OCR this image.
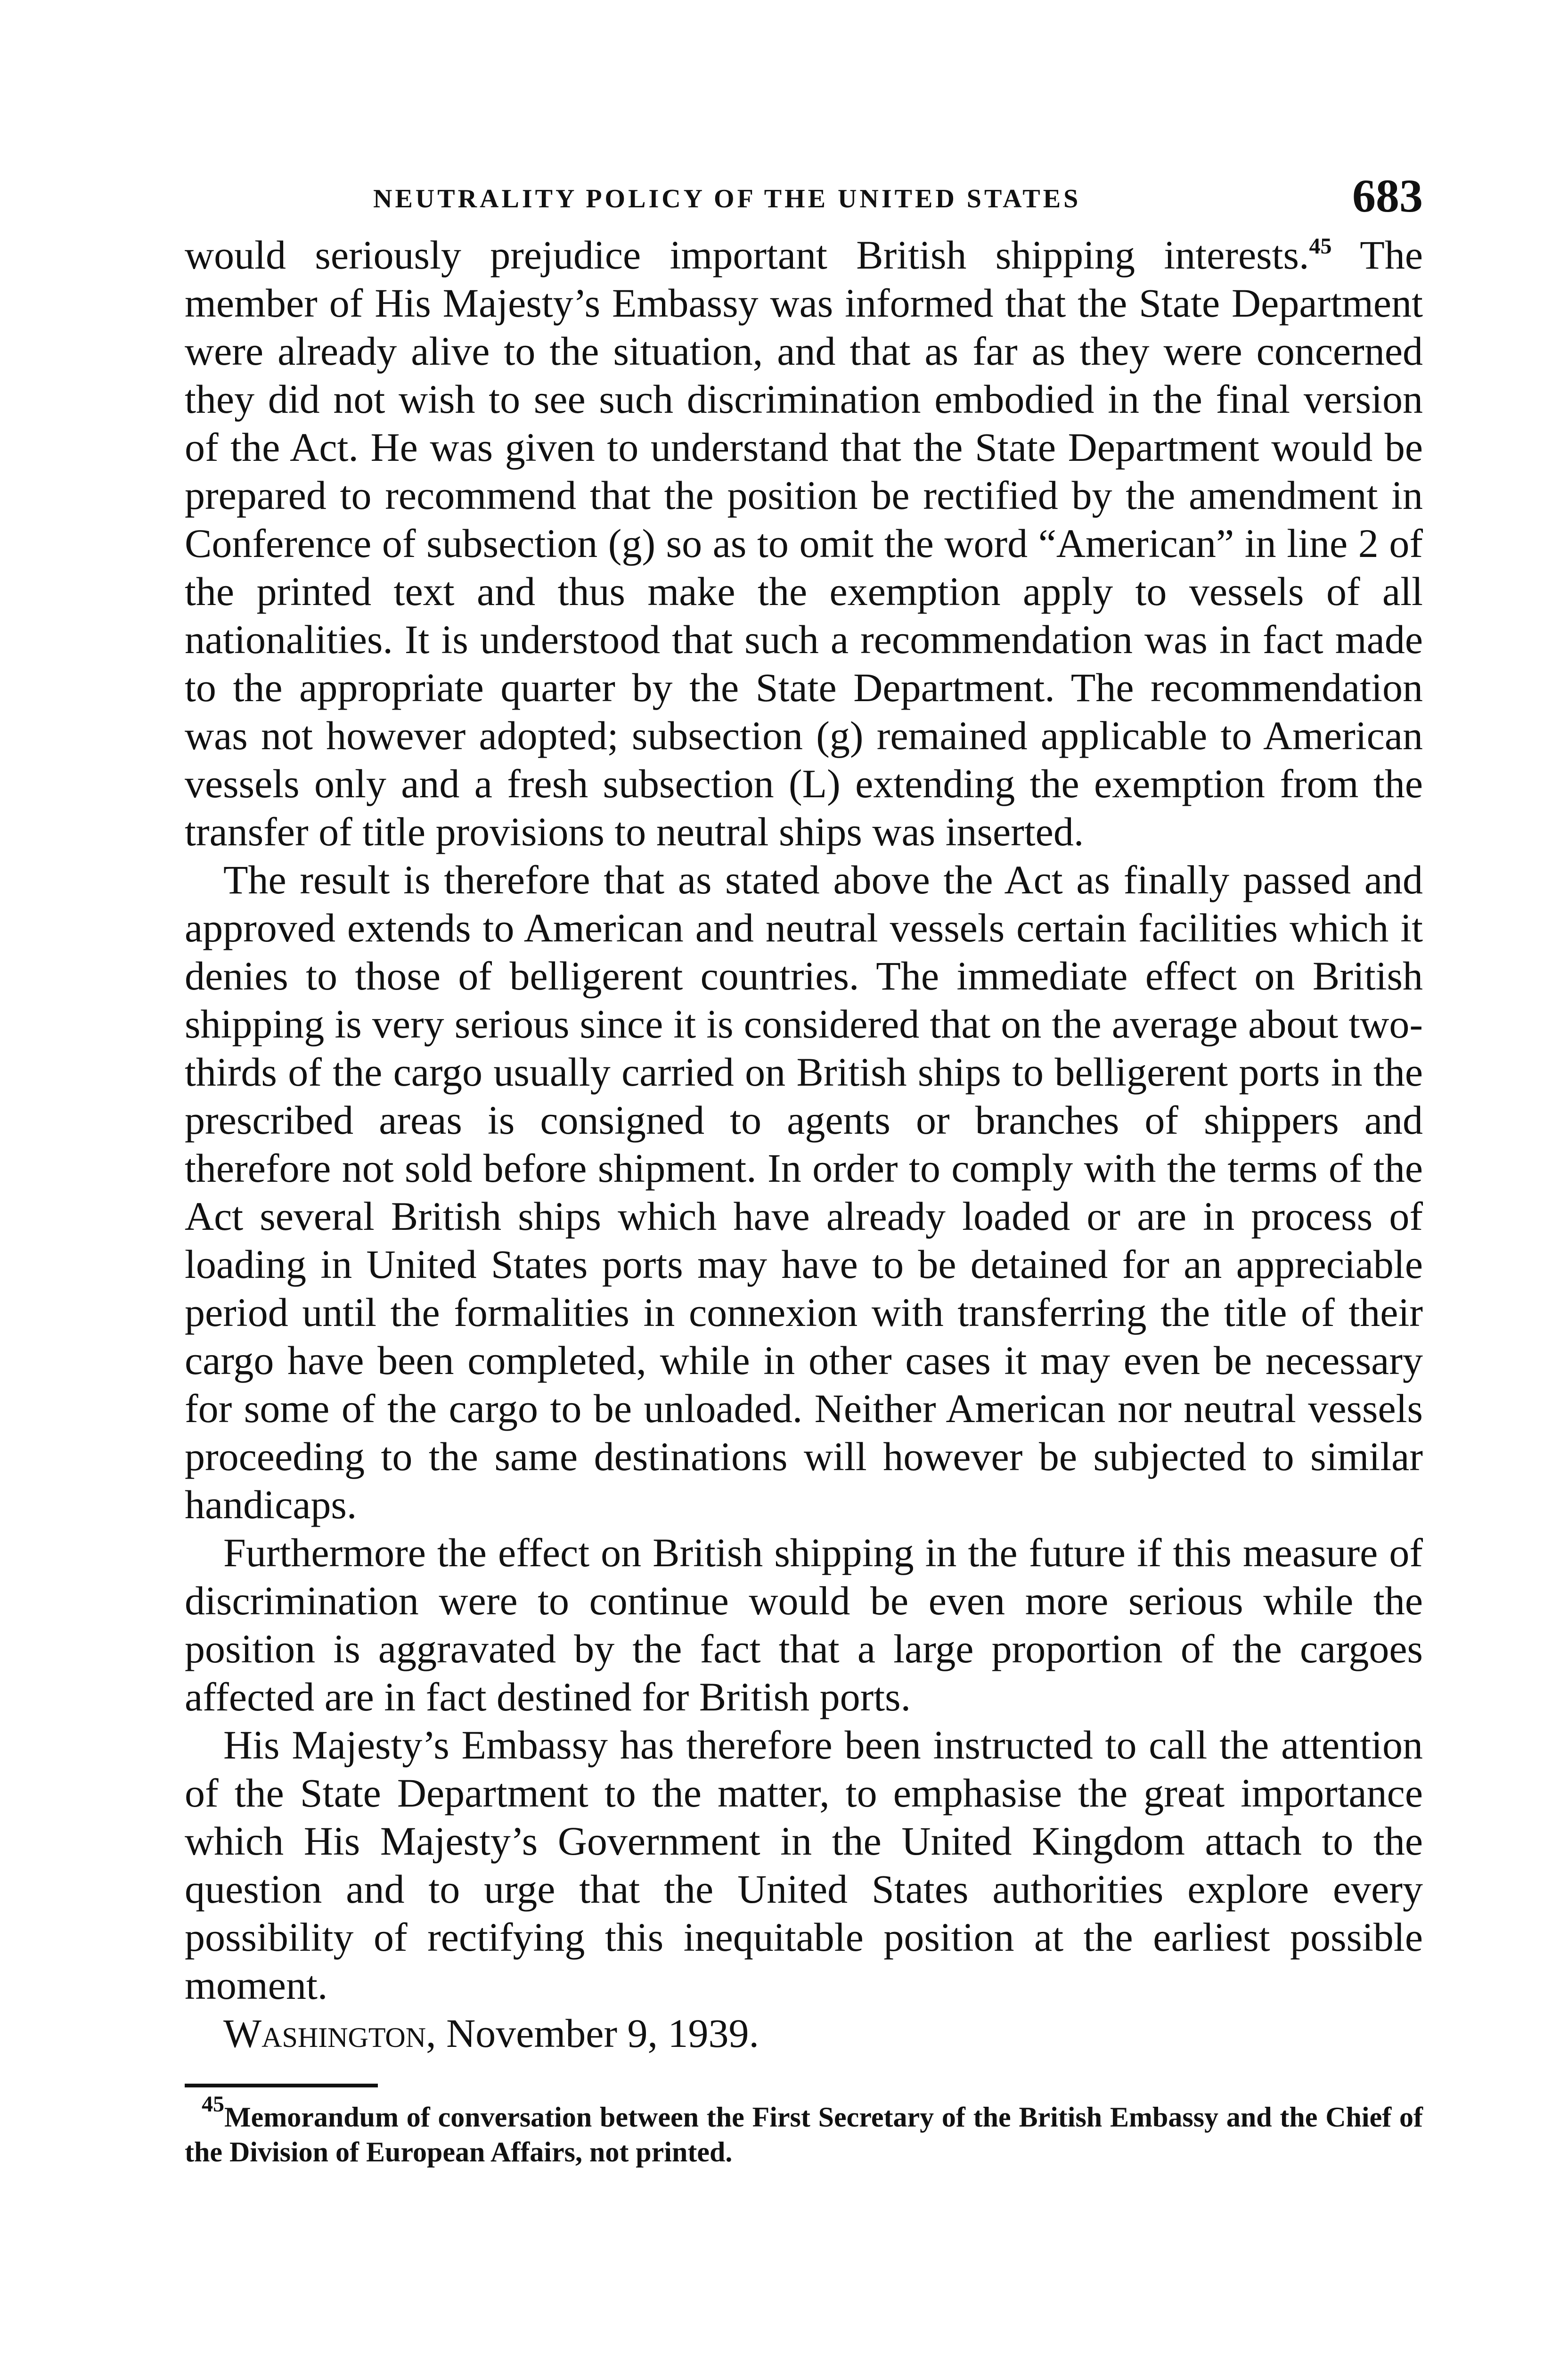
NEUTRALITY POLICY OF THE UNITED STATES	683

would seriously prejudice important British shipping interests.$^{45}$ The member of His Majesty’s Embassy was informed that the State Department were already alive to the situation, and that as far as they were concerned they did not wish to see such discrimination embodied in the final version of the Act. He was given to understand that the State Department would be prepared to recommend that the position be rectified by the amendment in Conference of subsection (g) so as to omit the word “American” in line 2 of the printed text and thus make the exemption apply to vessels of all nationalities. It is understood that such a recommendation was in fact made to the appropriate quarter by the State Department. The recommendation was not however adopted; subsection (g) remained applicable to American vessels only and a fresh subsection (L) extending the exemption from the transfer of title provisions to neutral ships was inserted.

The result is therefore that as stated above the Act as finally passed and approved extends to American and neutral vessels certain facilities which it denies to those of belligerent countries. The immediate effect on British shipping is very serious since it is considered that on the average about two-thirds of the cargo usually carried on British ships to belligerent ports in the prescribed areas is consigned to agents or branches of shippers and therefore not sold before shipment. In order to comply with the terms of the Act several British ships which have already loaded or are in process of loading in United States ports may have to be detained for an appreciable period until the formalities in connexion with transferring the title of their cargo have been completed, while in other cases it may even be necessary for some of the cargo to be unloaded. Neither American nor neutral vessels proceeding to the same destinations will however be subjected to similar handicaps.

Furthermore the effect on British shipping in the future if this measure of discrimination were to continue would be even more serious while the position is aggravated by the fact that a large proportion of the cargoes affected are in fact destined for British ports.

His Majesty’s Embassy has therefore been instructed to call the attention of the State Department to the matter, to emphasise the great importance which His Majesty’s Government in the United Kingdom attach to the question and to urge that the United States authorities explore every possibility of rectifying this inequitable position at the earliest possible moment.

Washington, November 9, 1939.

$^{45}$Memorandum of conversation between the First Secretary of the British Embassy and the Chief of the Division of European Affairs, not printed.
